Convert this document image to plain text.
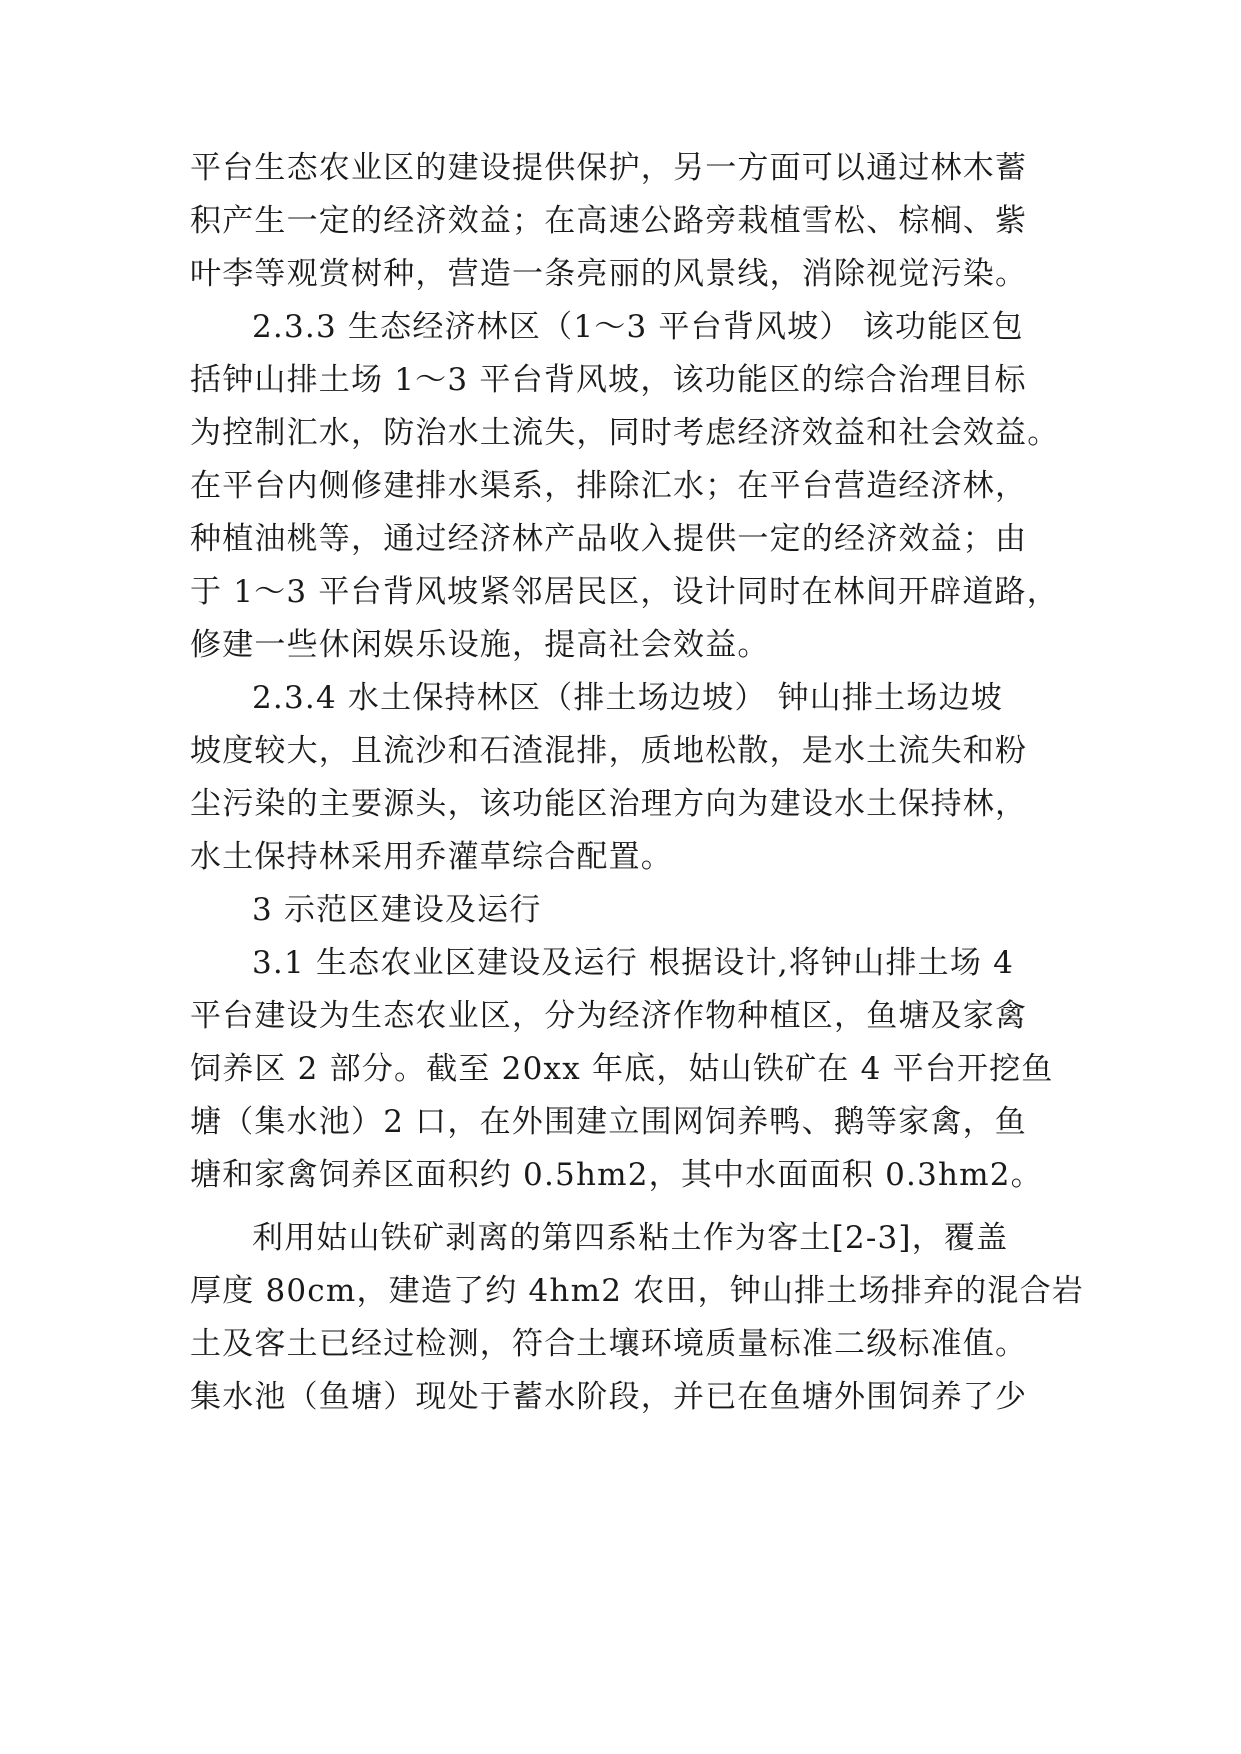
平台生态农业区的建设提供保护，另一方面可以通过林木蓄
积产生一定的经济效益；在高速公路旁栽植雪松、棕榈、紫
叶李等观赏树种，营造一条亮丽的风景线，消除视觉污染。
2.3.3 生态经济林区（1～3 平台背风坡） 该功能区包
括钟山排土场 1～3 平台背风坡，该功能区的综合治理目标
为控制汇水，防治水土流失，同时考虑经济效益和社会效益。
在平台内侧修建排水渠系，排除汇水；在平台营造经济林，
种植油桃等，通过经济林产品收入提供一定的经济效益；由
于 1～3 平台背风坡紧邻居民区，设计同时在林间开辟道路，
修建一些休闲娱乐设施，提高社会效益。
2.3.4 水土保持林区（排土场边坡） 钟山排土场边坡
坡度较大，且流沙和石渣混排，质地松散，是水土流失和粉
尘污染的主要源头，该功能区治理方向为建设水土保持林，
水土保持林采用乔灌草综合配置。
3 示范区建设及运行
3.1 生态农业区建设及运行 根据设计,将钟山排土场 4
平台建设为生态农业区，分为经济作物种植区，鱼塘及家禽
饲养区 2 部分。截至 20xx 年底，姑山铁矿在 4 平台开挖鱼
塘（集水池）2 口，在外围建立围网饲养鸭、鹅等家禽，鱼
塘和家禽饲养区面积约 0.5hm2，其中水面面积 0.3hm2。
利用姑山铁矿剥离的第四系粘土作为客土[2-3]，覆盖
厚度 80cm，建造了约 4hm2 农田，钟山排土场排弃的混合岩
土及客土已经过检测，符合土壤环境质量标准二级标准值。
集水池（鱼塘）现处于蓄水阶段，并已在鱼塘外围饲养了少
